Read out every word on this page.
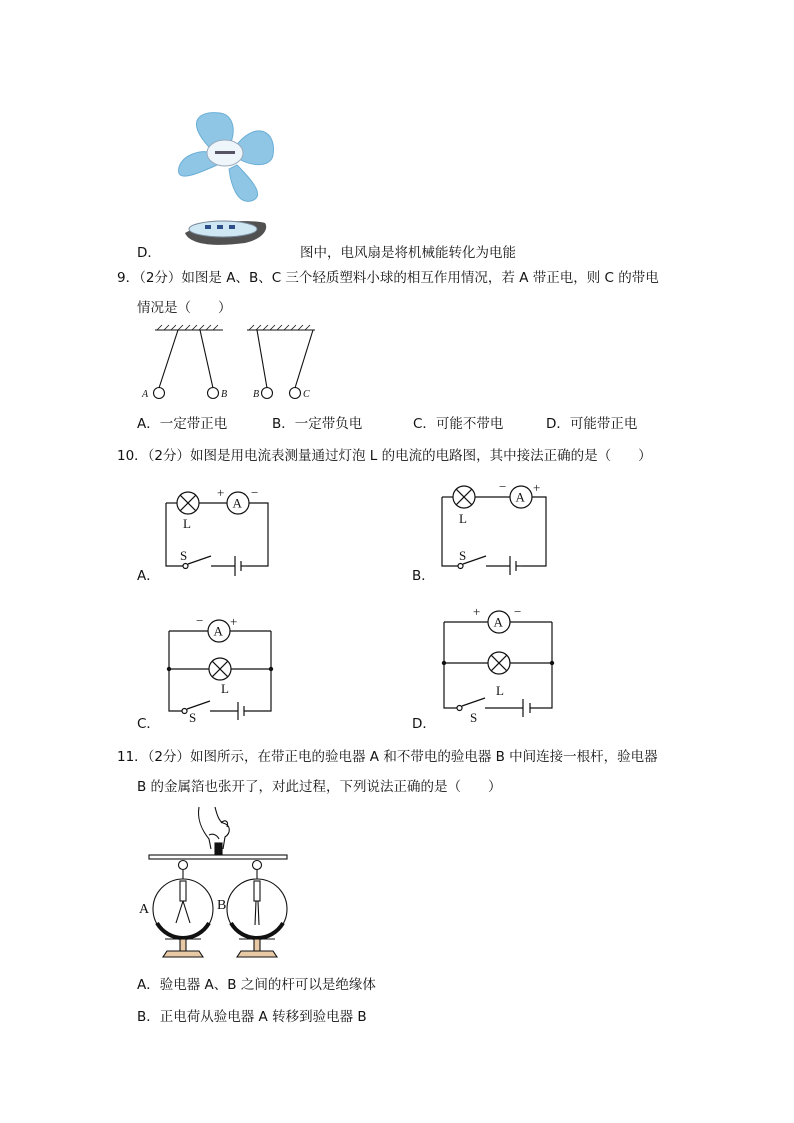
D．	图中，电风扇是将机械能转化为电能
9．（2分）如图是 A、B、C 三个轻质塑料小球的相互作用情况，若 A 带正电，则 C 的带电
情况是（　　）
A	B	B	C
A．一定带正电	B．一定带负电	C．可能不带电	D．可能带正电
10．（2分）如图是用电流表测量通过灯泡 L 的电流的电路图，其中接法正确的是（　　）
A
L
S
+ −
A．
A
L
S
− +
B．
A
L
S
− +
C．
A
L
S
+	−
D．
11．（2分）如图所示，在带正电的验电器 A 和不带电的验电器 B 中间连接一根杆，验电器
B 的金属箔也张开了，对此过程，下列说法正确的是（　　）
A	B
A．验电器 A、B 之间的杆可以是绝缘体
B．正电荷从验电器 A 转移到验电器 B
